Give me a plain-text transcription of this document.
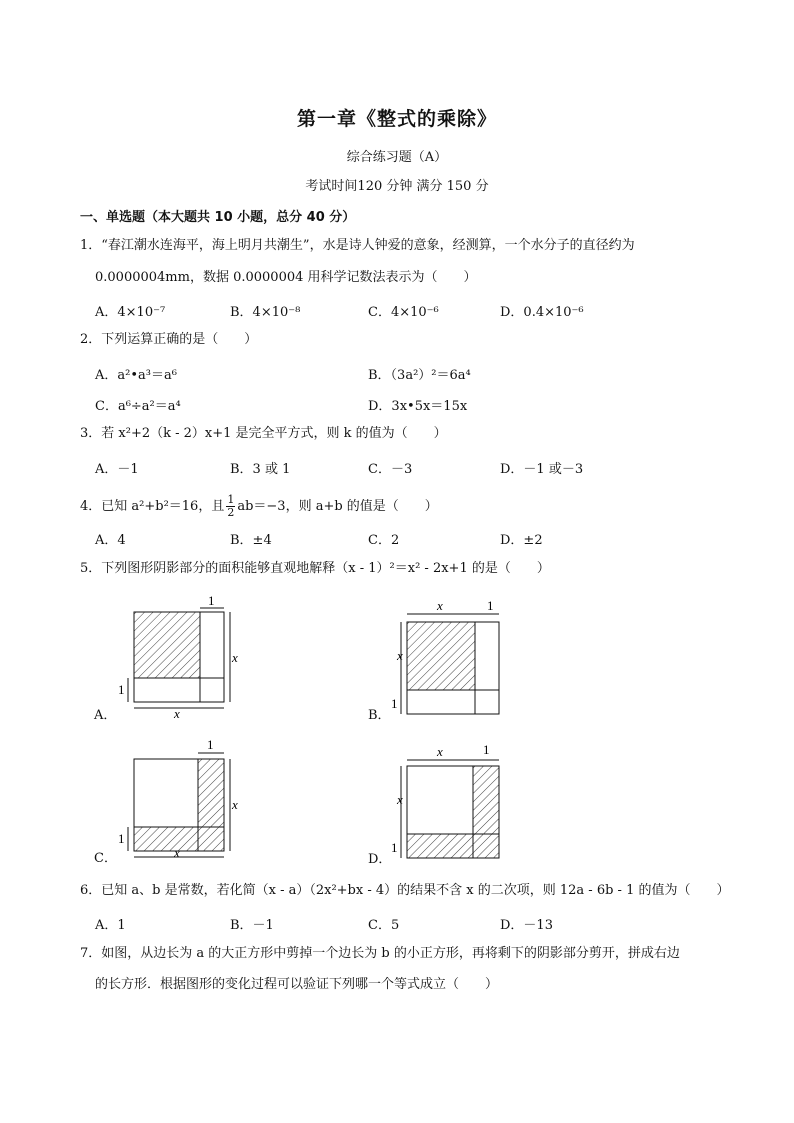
第一章《整式的乘除》
综合练习题（A）
考试时间120 分钟 满分 150 分
一、单选题（本大题共 10 小题，总分 40 分）
1．“春江潮水连海平，海上明月共潮生”，水是诗人钟爱的意象，经测算，一个水分子的直径约为
0.0000004mm，数据 0.0000004 用科学记数法表示为（　　）
A．4×10⁻⁷	B．4×10⁻⁸	C．4×10⁻⁶	D．0.4×10⁻⁶
2．下列运算正确的是（　　）
A．a²•a³＝a⁶	B．（3a²）²＝6a⁴
C．a⁶÷a²＝a⁴	D．3x•5x＝15x
3．若 x²+2（k - 2）x+1 是完全平方式，则 k 的值为（　　）
A．－1	B．3 或 1	C．－3	D．－1 或－3
4．已知 a²+b²＝16，且 $\frac{1}{2} ab=-3$，则 a+b 的值是（　　）
A．4	B．±4	C．2	D．±2
5．下列图形阴影部分的面积能够直观地解释（x - 1）²＝x² - 2x+1 的是（　　）
1
x
x
1
A．
x	1
x
1
B．
1
x
x
1
C．
x	1
x
1
D．
6．已知 a、b 是常数，若化简（x - a）（2x²+bx - 4）的结果不含 x 的二次项，则 12a - 6b - 1 的值为（　　）
A．1	B．－1	C．5	D．－13
7．如图，从边长为 a 的大正方形中剪掉一个边长为 b 的小正方形，再将剩下的阴影部分剪开，拼成右边
的长方形．根据图形的变化过程可以验证下列哪一个等式成立（　　）
